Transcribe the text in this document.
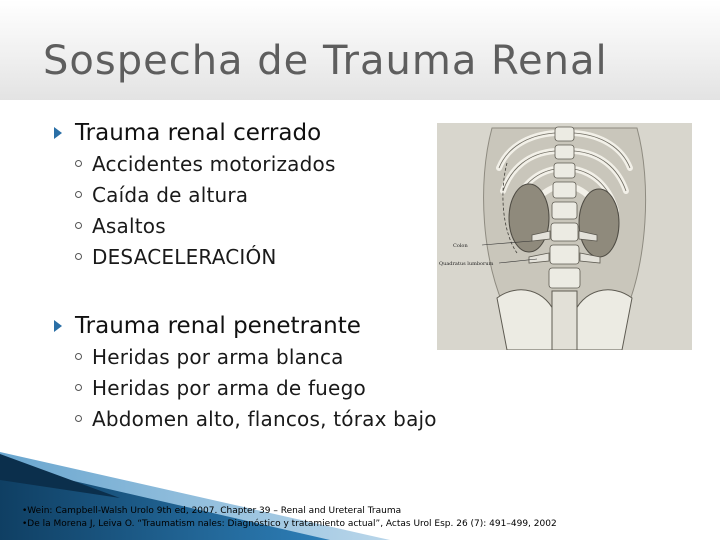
Sospecha de Trauma Renal
Trauma renal cerrado
Accidentes motorizados
Caída de altura
Asaltos
DESACELERACIÓN
Trauma renal penetrante
Heridas por arma blanca
Heridas por arma de fuego
Abdomen alto, flancos, tórax bajo
Colon
Quadratus lumborum
•Wein: Campbell-Walsh Urolo 9th ed, 2007. Chapter 39 – Renal and Ureteral Trauma
•De la Morena J, Leiva O. “Traumatism nales: Diagnóstico y tratamiento actual”, Actas Urol Esp. 26 (7): 491–499, 2002
